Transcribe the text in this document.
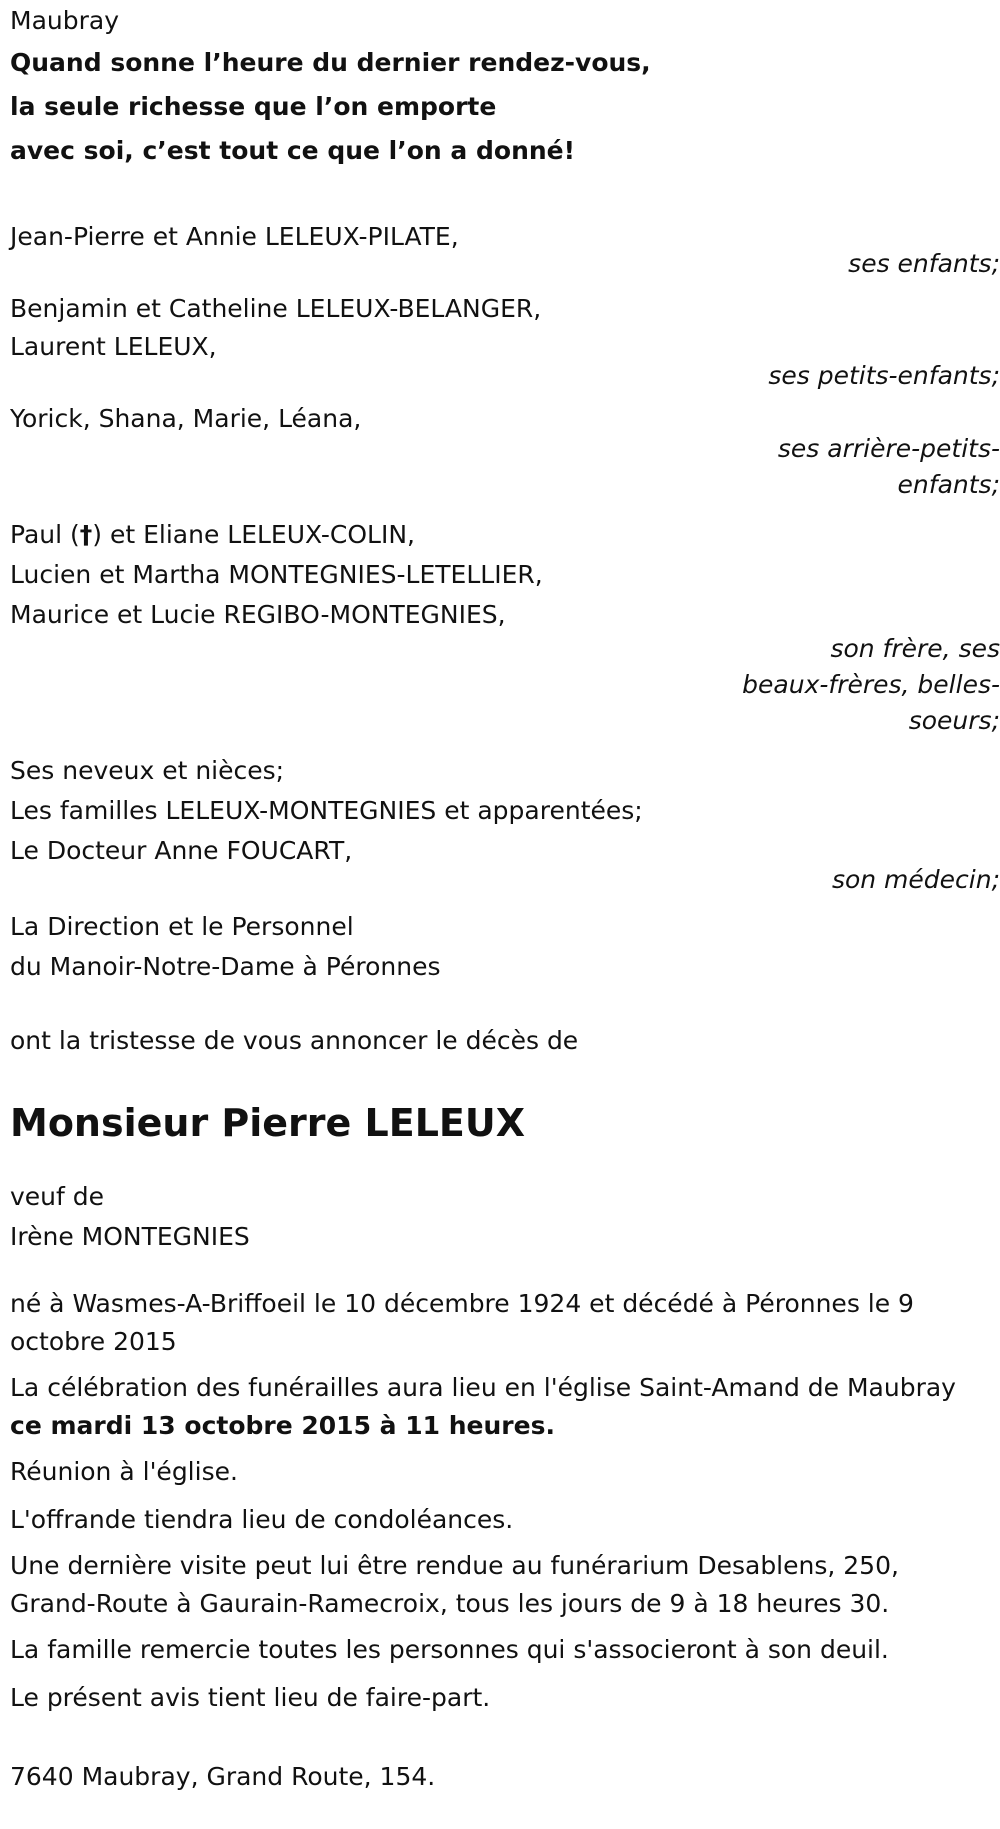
Maubray
Quand sonne l’heure du dernier rendez-vous,
la seule richesse que l’on emporte
avec soi, c’est tout ce que l’on a donné!
Jean-Pierre et Annie LELEUX-PILATE,
ses enfants;
Benjamin et Catheline LELEUX-BELANGER,
Laurent LELEUX,
ses petits-enfants;
Yorick, Shana, Marie, Léana,
ses arrière-petits-
enfants;
Paul (†) et Eliane LELEUX-COLIN,
Lucien et Martha MONTEGNIES-LETELLIER,
Maurice et Lucie REGIBO-MONTEGNIES,
son frère, ses
beaux-frères, belles-
soeurs;
Ses neveux et nièces;
Les familles LELEUX-MONTEGNIES et apparentées;
Le Docteur Anne FOUCART,
son médecin;
La Direction et le Personnel
du Manoir-Notre-Dame à Péronnes
ont la tristesse de vous annoncer le décès de
Monsieur Pierre LELEUX
veuf de
Irène MONTEGNIES
né à Wasmes-A-Briffoeil le 10 décembre 1924 et décédé à Péronnes le 9 octobre 2015
La célébration des funérailles aura lieu en l'église Saint-Amand de Maubray ce mardi 13 octobre 2015 à 11 heures.
Réunion à l'église.
L'offrande tiendra lieu de condoléances.
Une dernière visite peut lui être rendue au funérarium Desablens, 250, Grand-Route à Gaurain-Ramecroix, tous les jours de 9 à 18 heures 30.
La famille remercie toutes les personnes qui s'associeront à son deuil.
Le présent avis tient lieu de faire-part.
7640 Maubray, Grand Route, 154.
